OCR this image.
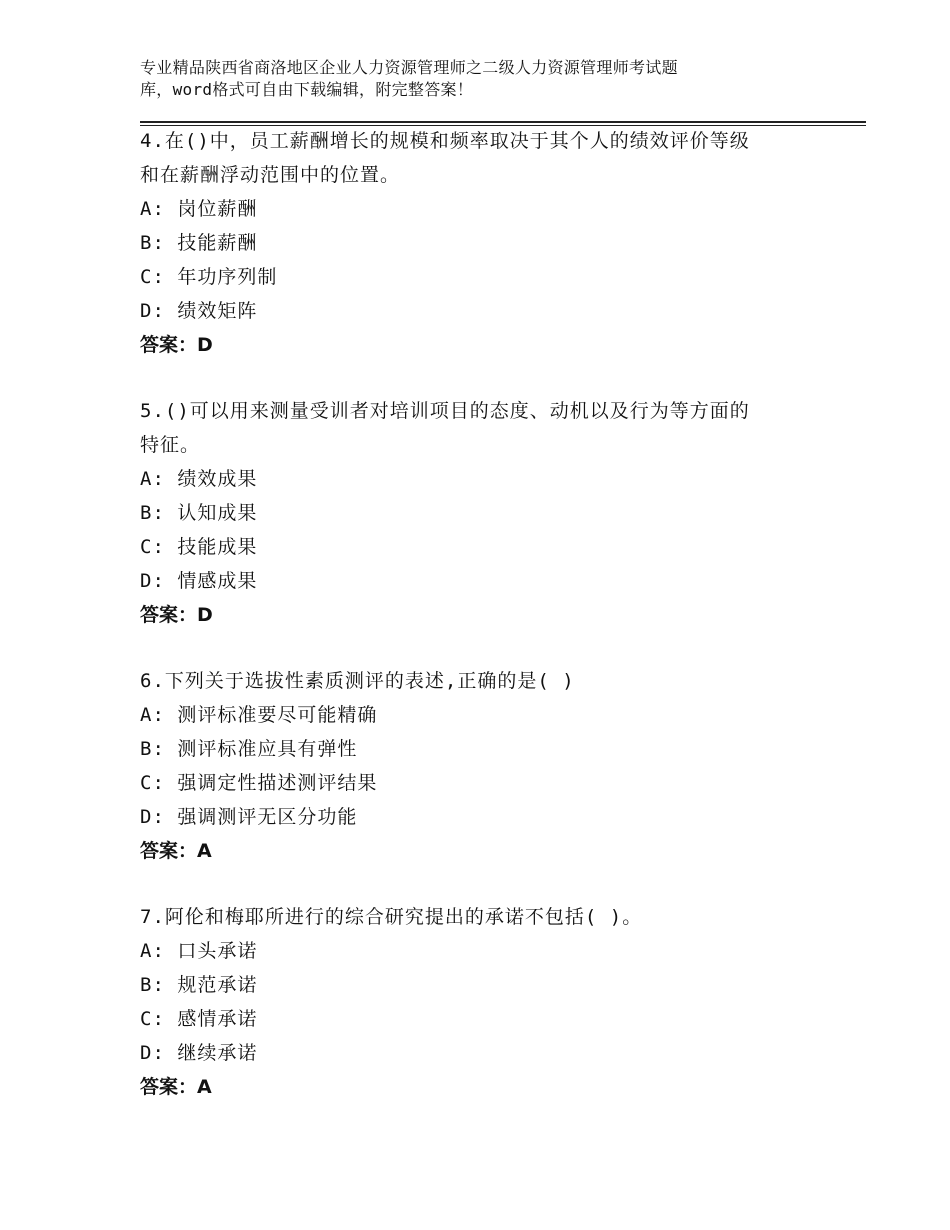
专业精品陕西省商洛地区企业人力资源管理师之二级人力资源管理师考试题
库，word格式可自由下载编辑，附完整答案！

4.在()中，员工薪酬增长的规模和频率取决于其个人的绩效评价等级

和在薪酬浮动范围中的位置。

A: 岗位薪酬

B: 技能薪酬

C: 年功序列制

D: 绩效矩阵

答案：D

5.()可以用来测量受训者对培训项目的态度、动机以及行为等方面的

特征。

A: 绩效成果

B: 认知成果

C: 技能成果

D: 情感成果

答案：D

6.下列关于选拔性素质测评的表述,正确的是( )

A: 测评标准要尽可能精确

B: 测评标准应具有弹性

C: 强调定性描述测评结果

D: 强调测评无区分功能

答案：A

7.阿伦和梅耶所进行的综合研究提出的承诺不包括( )。

A: 口头承诺

B: 规范承诺

C: 感情承诺

D: 继续承诺

答案：A
